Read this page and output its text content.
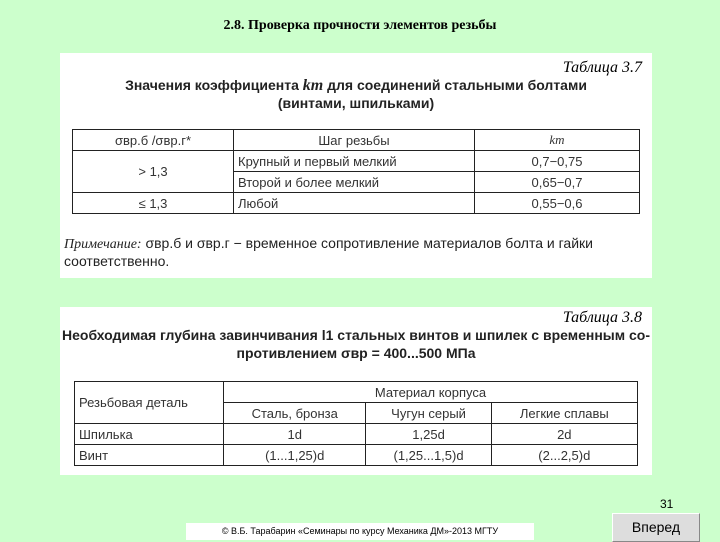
2.8. Проверка прочности элементов резьбы
Таблица 3.7
Значения коэффициента km для соединений стальными болтами
(винтами, шпильками)
σвр.б /σвр.г*	Шаг резьбы	km
> 1,3	Крупный и первый мелкий	0,7−0,75
	Второй и более мелкий	0,65−0,7
≤ 1,3	Любой	0,55−0,6
Примечание: σвр.б и σвр.г − временное сопротивление материалов болта и гайки соответственно.
Таблица 3.8
Необходимая глубина завинчивания l1 стальных винтов и шпилек с временным со-
противлением σвр = 400...500 МПа
Резьбовая деталь	Материал корпуса		
	Сталь, бронза	Чугун серый	Легкие сплавы
Шпилька	1d	1,25d	2d
Винт	(1...1,25)d	(1,25...1,5)d	(2...2,5)d
31
© В.Б. Тарабарин «Семинары по курсу Механика ДМ»-2013 МГТУ	Вперед
